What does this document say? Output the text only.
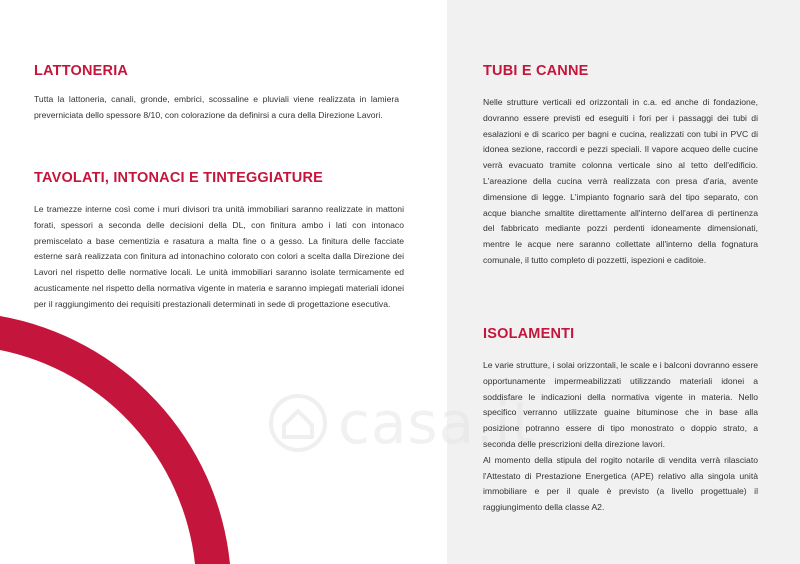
casa.it
LATTONERIA

Tutta la lattoneria, canali, gronde, embrici, scossaline e pluviali viene realizzata in lamiera preverniciata dello spessore 8/10, con colorazione da definirsi a cura della Direzione Lavori.

TAVOLATI, INTONACI E TINTEGGIATURE

Le tramezze interne così come i muri divisori tra unità immobiliari saranno realizzate in mattoni forati, spessori a seconda delle decisioni della DL, con finitura ambo i lati con intonaco premiscelato a base cementizia e rasatura a malta fine o a gesso. La finitura delle facciate esterne sarà realizzata con finitura ad intonachino colorato con colori a scelta dalla Direzione dei Lavori nel rispetto delle normative locali. Le unità immobiliari saranno isolate termicamente ed acusticamente nel rispetto della normativa vigente in materia e saranno impiegati materiali idonei per il raggiungimento dei requisiti prestazionali determinati in sede di progettazione esecutiva.

TUBI E CANNE

Nelle strutture verticali ed orizzontali in c.a. ed anche di fondazione, dovranno essere previsti ed eseguiti i fori per i passaggi dei tubi di esalazioni e di scarico per bagni e cucina, realizzati con tubi in PVC di idonea sezione, raccordi e pezzi speciali. Il vapore acqueo delle cucine verrà evacuato tramite colonna verticale sino al tetto dell'edificio. L'areazione della cucina verrà realizzata con presa d'aria, avente dimensione di legge. L'impianto fognario sarà del tipo separato, con acque bianche smaltite direttamente all'interno dell'area di pertinenza del fabbricato mediante pozzi perdenti idoneamente dimensionati, mentre le acque nere saranno collettate all'interno della fognatura comunale, il tutto completo di pozzetti, ispezioni e caditoie.

ISOLAMENTI

Le varie strutture, i solai orizzontali, le scale e i balconi dovranno essere opportunamente impermeabilizzati utilizzando materiali idonei a soddisfare le indicazioni della normativa vigente in materia. Nello specifico verranno utilizzate guaine bituminose che in base alla posizione potranno essere di tipo monostrato o doppio strato, a seconda delle prescrizioni della direzione lavori.

Al momento della stipula del rogito notarile di vendita verrà rilasciato l'Attestato di Prestazione Energetica (APE) relativo alla singola unità immobiliare e per il quale è previsto (a livello progettuale) il raggiungimento della classe A2.
